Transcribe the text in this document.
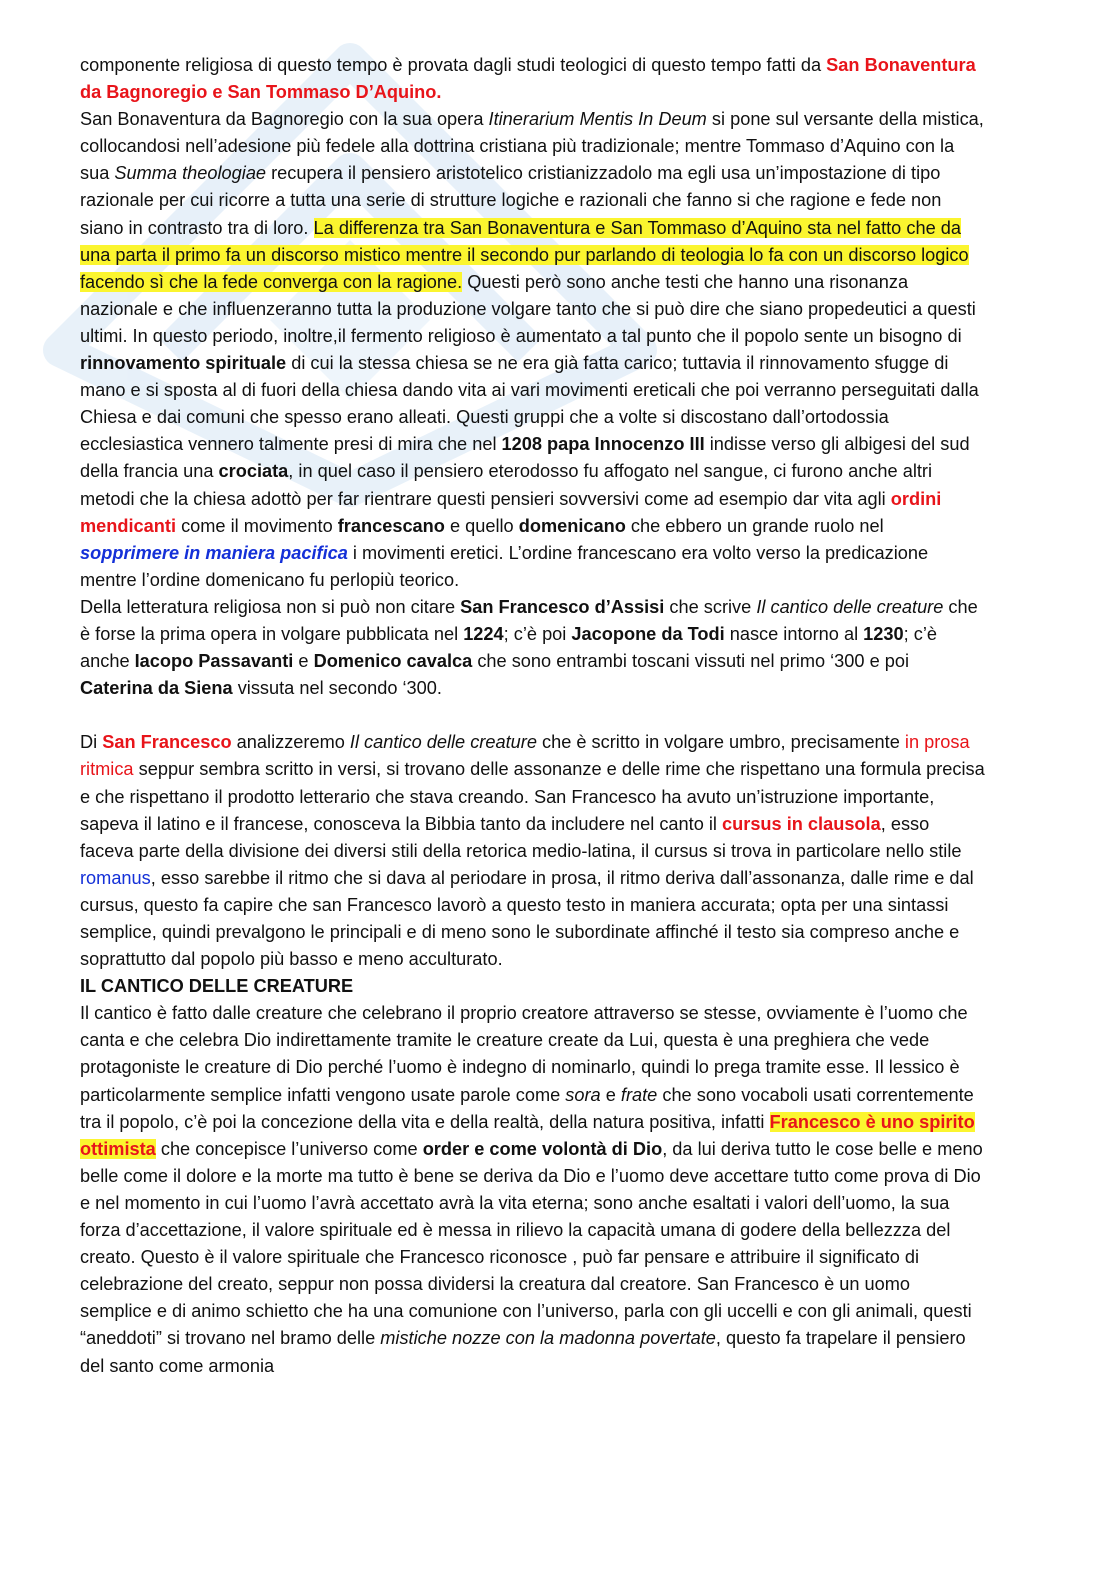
componente religiosa di questo tempo è provata dagli studi teologici di questo tempo fatti da San Bonaventura da Bagnoregio e San Tommaso D’Aquino.

San Bonaventura da Bagnoregio con la sua opera Itinerarium Mentis In Deum si pone sul versante della mistica, collocandosi nell’adesione più fedele alla dottrina cristiana più tradizionale; mentre Tommaso d’Aquino con la sua Summa theologiae recupera il pensiero aristotelico cristianizzadolo ma egli usa un’impostazione di tipo razionale per cui ricorre a tutta una serie di strutture logiche e razionali che fanno si che ragione e fede non siano in contrasto tra di loro. La differenza tra San Bonaventura e San Tommaso d’Aquino sta nel fatto che da una parta il primo fa un discorso mistico mentre il secondo pur parlando di teologia lo fa con un discorso logico facendo sì che la fede converga con la ragione. Questi però sono anche testi che hanno una risonanza nazionale e che influenzeranno tutta la produzione volgare tanto che si può dire che siano propedeutici a questi ultimi. In questo periodo, inoltre,il fermento religioso è aumentato a tal punto che il popolo sente un bisogno di rinnovamento spirituale di cui la stessa chiesa se ne era già fatta carico; tuttavia il rinnovamento sfugge di mano e si sposta al di fuori della chiesa dando vita ai vari movimenti ereticali che poi verranno perseguitati dalla Chiesa e dai comuni che spesso erano alleati. Questi gruppi che a volte si discostano dall’ortodossia ecclesiastica vennero talmente presi di mira che nel 1208 papa Innocenzo III indisse verso gli albigesi del sud della francia una crociata, in quel caso il pensiero eterodosso fu affogato nel sangue, ci furono anche altri metodi che la chiesa adottò per far rientrare questi pensieri sovversivi come ad esempio dar vita agli ordini mendicanti come il movimento francescano e quello domenicano che ebbero un grande ruolo nel sopprimere in maniera pacifica i movimenti eretici. L’ordine francescano era volto verso la predicazione mentre l’ordine domenicano fu perlopiù teorico.

Della letteratura religiosa non si può non citare San Francesco d’Assisi che scrive Il cantico delle creature che è forse la prima opera in volgare pubblicata nel 1224; c’è poi Jacopone da Todi nasce intorno al 1230; c’è anche Iacopo Passavanti e Domenico cavalca che sono entrambi toscani vissuti nel primo ‘300 e poi Caterina da Siena vissuta nel secondo ‘300.

Di San Francesco analizzeremo Il cantico delle creature che è scritto in volgare umbro, precisamente in prosa ritmica seppur sembra scritto in versi, si trovano delle assonanze e delle rime che rispettano una formula precisa e che rispettano il prodotto letterario che stava creando. San Francesco ha avuto un’istruzione importante, sapeva il latino e il francese, conosceva la Bibbia tanto da includere nel canto il cursus in clausola, esso faceva parte della divisione dei diversi stili della retorica medio-latina, il cursus si trova in particolare nello stile romanus, esso sarebbe il ritmo che si dava al periodare in prosa, il ritmo deriva dall’assonanza, dalle rime e dal cursus, questo fa capire che san Francesco lavorò a questo testo in maniera accurata; opta per una sintassi semplice, quindi prevalgono le principali e di meno sono le subordinate affinché il testo sia compreso anche e soprattutto dal popolo più basso e meno acculturato.

IL CANTICO DELLE CREATURE

Il cantico è fatto dalle creature che celebrano il proprio creatore attraverso se stesse, ovviamente è l’uomo che canta e che celebra Dio indirettamente tramite le creature create da Lui, questa è una preghiera che vede protagoniste le creature di Dio perché l’uomo è indegno di nominarlo, quindi lo prega tramite esse. Il lessico è particolarmente semplice infatti vengono usate parole come sora e frate che sono vocaboli usati correntemente tra il popolo, c’è poi la concezione della vita e della realtà, della natura positiva, infatti Francesco è uno spirito ottimista che concepisce l’universo come order e come volontà di Dio, da lui deriva tutto le cose belle e meno belle come il dolore e la morte ma tutto è bene se deriva da Dio e l’uomo deve accettare tutto come prova di Dio e nel momento in cui l’uomo l’avrà accettato avrà la vita eterna; sono anche esaltati i valori dell’uomo, la sua forza d’accettazione, il valore spirituale ed è messa in rilievo la capacità umana di godere della bellezzza del creato. Questo è il valore spirituale che Francesco riconosce , può far pensare e attribuire il significato di celebrazione del creato, seppur non possa dividersi la creatura dal creatore. San Francesco è un uomo semplice e di animo schietto che ha una comunione con l’universo, parla con gli uccelli e con gli animali, questi “aneddoti” si trovano nel bramo delle mistiche nozze con la madonna povertate, questo fa trapelare il pensiero del santo come armonia
